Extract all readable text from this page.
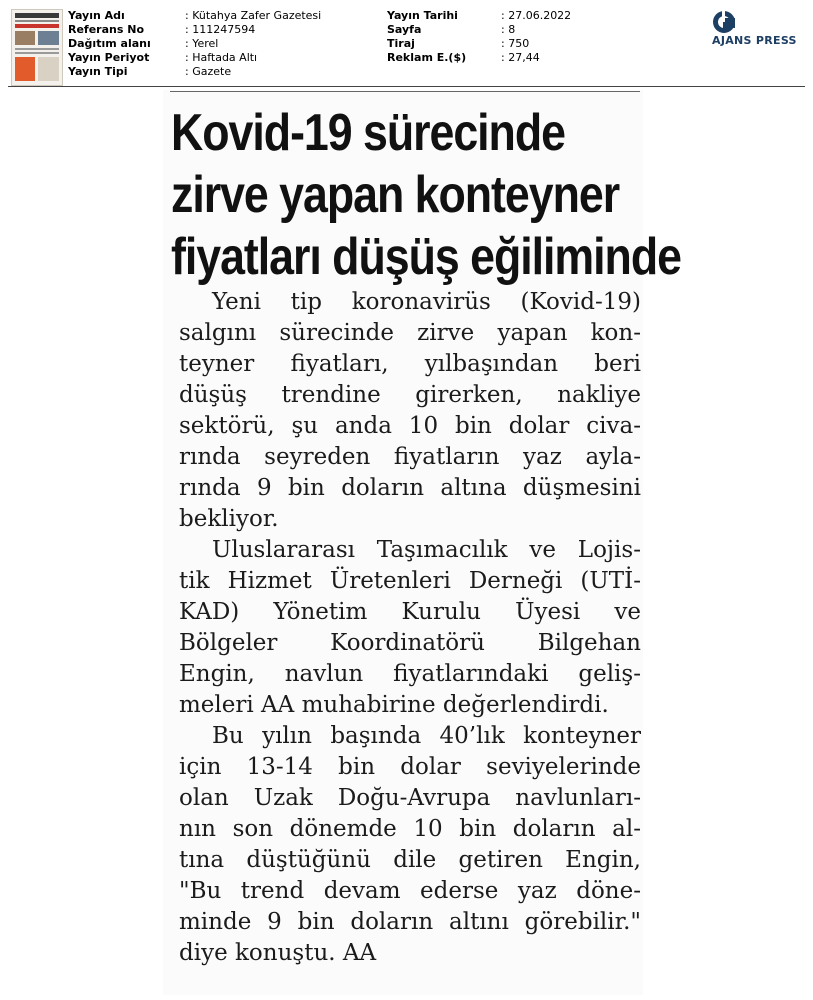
Yayın Adı	: Kütahya Zafer Gazetesi
Referans No	: 111247594
Dağıtım alanı	: Yerel
Yayın Periyot	: Haftada Altı
Yayın Tipi	: Gazete
Yayın Tarihi	: 27.06.2022
Sayfa	: 8
Tiraj	: 750
Reklam E.($)	: 27,44
AJANS PRESS
Kovid-19 sürecinde
zirve yapan konteyner
fiyatları düşüş eğiliminde
Yeni tip koronavirüs (Kovid-19)
salgını sürecinde zirve yapan kon-
teyner fiyatları, yılbaşından beri
düşüş trendine girerken, nakliye
sektörü, şu anda 10 bin dolar civa-
rında seyreden fiyatların yaz ayla-
rında 9 bin doların altına düşmesini
bekliyor.
Uluslararası Taşımacılık ve Lojis-
tik Hizmet Üretenleri Derneği (UTİ-
KAD) Yönetim Kurulu Üyesi ve
Bölgeler Koordinatörü Bilgehan
Engin, navlun fiyatlarındaki geliş-
meleri AA muhabirine değerlendirdi.
Bu yılın başında 40’lık konteyner
için 13-14 bin dolar seviyelerinde
olan Uzak Doğu-Avrupa navlunları-
nın son dönemde 10 bin doların al-
tına düştüğünü dile getiren Engin,
"Bu trend devam ederse yaz döne-
minde 9 bin doların altını görebilir."
diye konuştu. AA
